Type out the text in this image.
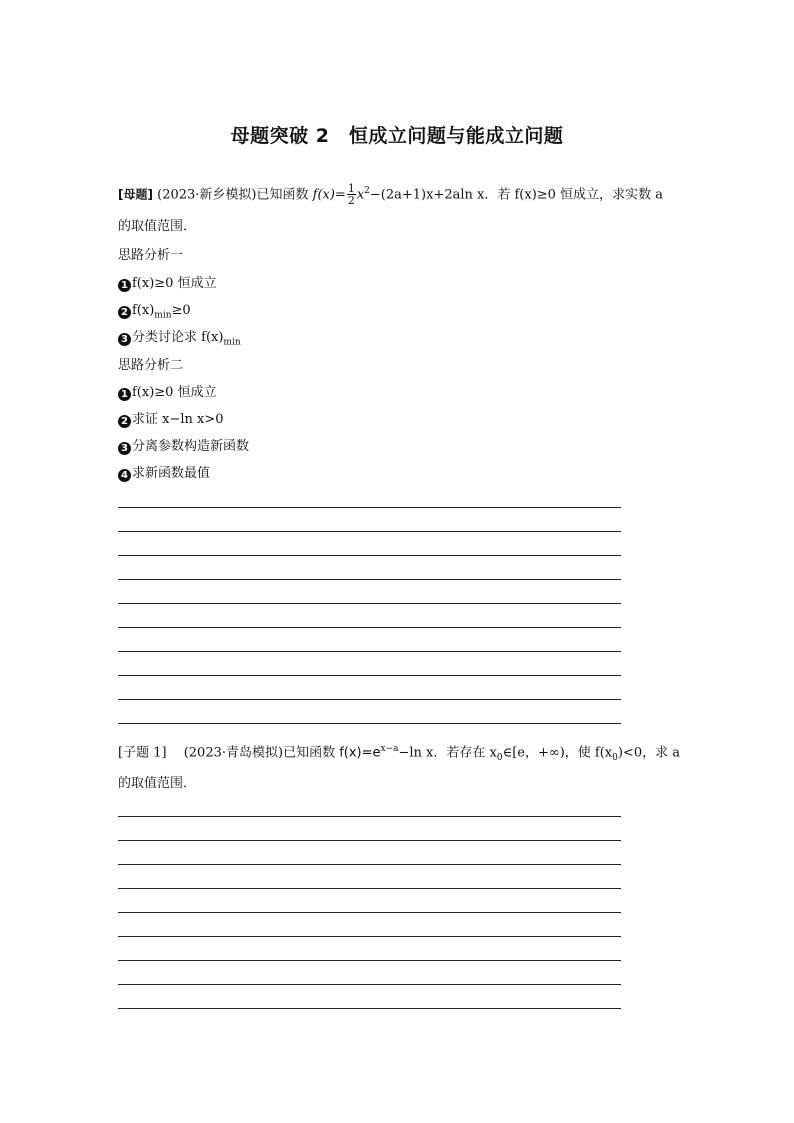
母题突破 2　恒成立问题与能成立问题
[母题] (2023·新乡模拟)已知函数 $f(x)= \frac{1}{2} x^2-(2a+1)x+2aln$ x．若 f(x)≥0 恒成立，求实数 a
的取值范围．
思路分析一
1 f(x)≥0 恒成立
2 $f(x)_{min}\ge 0$
3 分类讨论求 $f(x)_{min}$
思路分析二
1 f(x)≥0 恒成立
2 求证 x−ln x>0
3 分离参数构造新函数
4 求新函数最值
[子题 1]　 (2023·青岛模拟)已知函数 $f(x)=e^{x-a}-\ln$ x．若存在 $x_0\in[e$，+∞)，使 $f(x_0)<0$，求 a
的取值范围．
